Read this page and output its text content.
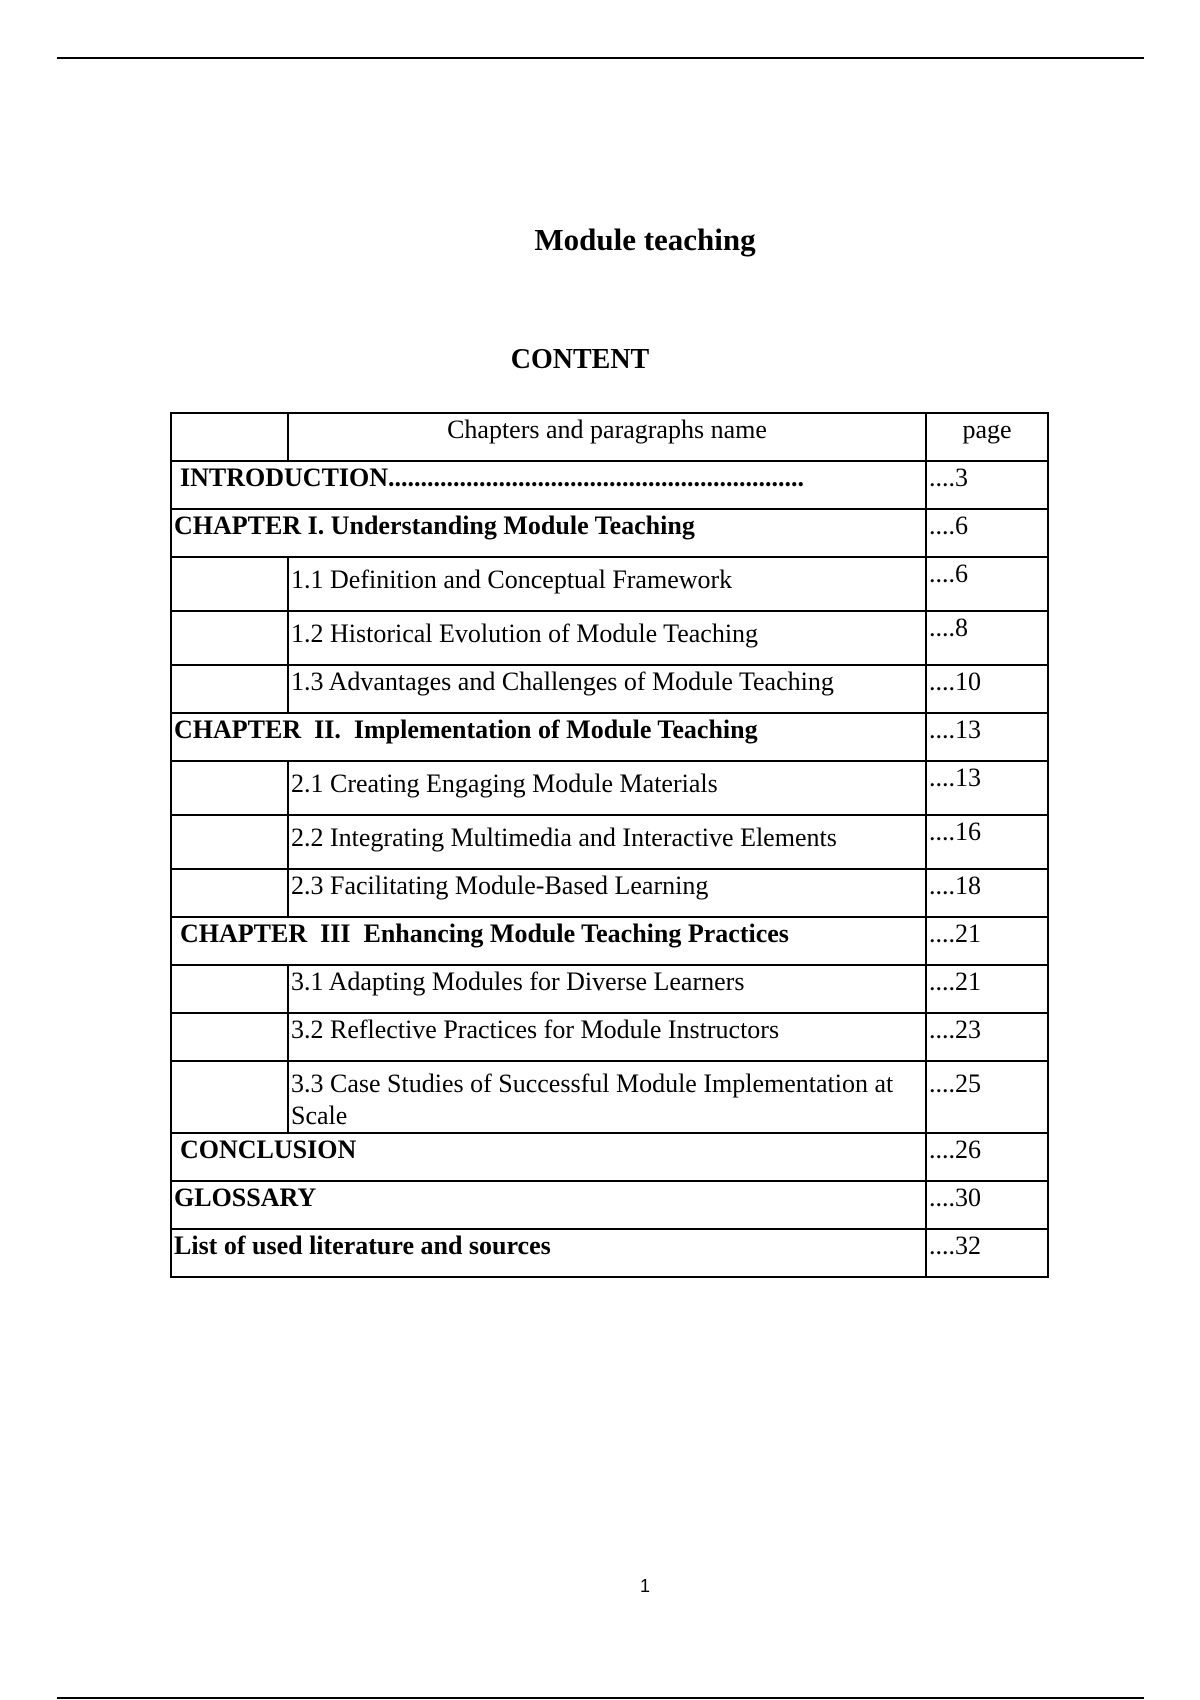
Module teaching
CONTENT
	Chapters and paragraphs name	page
INTRODUCTION................................................................		....3
CHAPTER I. Understanding Module Teaching		....6
	1.1 Definition and Conceptual Framework	....6
	1.2 Historical Evolution of Module Teaching	....8
	1.3 Advantages and Challenges of Module Teaching	....10
CHAPTER  II.  Implementation of Module Teaching		....13
	2.1 Creating Engaging Module Materials	....13
	2.2 Integrating Multimedia and Interactive Elements	....16
	2.3 Facilitating Module-Based Learning	....18
CHAPTER  III  Enhancing Module Teaching Practices		....21
	3.1 Adapting Modules for Diverse Learners	....21
	3.2 Reflective Practices for Module Instructors	....23
	3.3 Case Studies of Successful Module Implementation at Scale	....25
CONCLUSION		....26
GLOSSARY		....30
List of used literature and sources		....32
1
